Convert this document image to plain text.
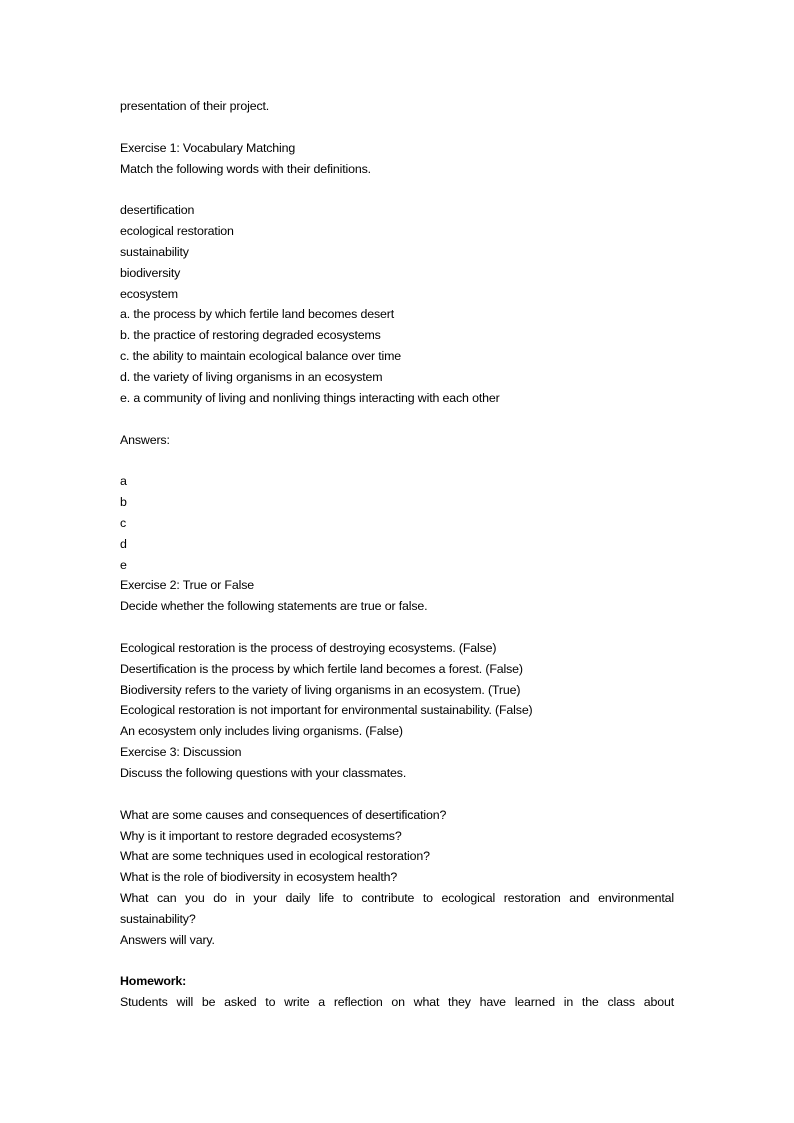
presentation of their project.
Exercise 1: Vocabulary Matching
Match the following words with their definitions.
desertification
ecological restoration
sustainability
biodiversity
ecosystem
a. the process by which fertile land becomes desert
b. the practice of restoring degraded ecosystems
c. the ability to maintain ecological balance over time
d. the variety of living organisms in an ecosystem
e. a community of living and nonliving things interacting with each other
Answers:
a
b
c
d
e
Exercise 2: True or False
Decide whether the following statements are true or false.
Ecological restoration is the process of destroying ecosystems. (False)
Desertification is the process by which fertile land becomes a forest. (False)
Biodiversity refers to the variety of living organisms in an ecosystem. (True)
Ecological restoration is not important for environmental sustainability. (False)
An ecosystem only includes living organisms. (False)
Exercise 3: Discussion
Discuss the following questions with your classmates.
What are some causes and consequences of desertification?
Why is it important to restore degraded ecosystems?
What are some techniques used in ecological restoration?
What is the role of biodiversity in ecosystem health?
What can you do in your daily life to contribute to ecological restoration and environmental sustainability?
Answers will vary.
Homework:
Students will be asked to write a reflection on what they have learned in the class about
